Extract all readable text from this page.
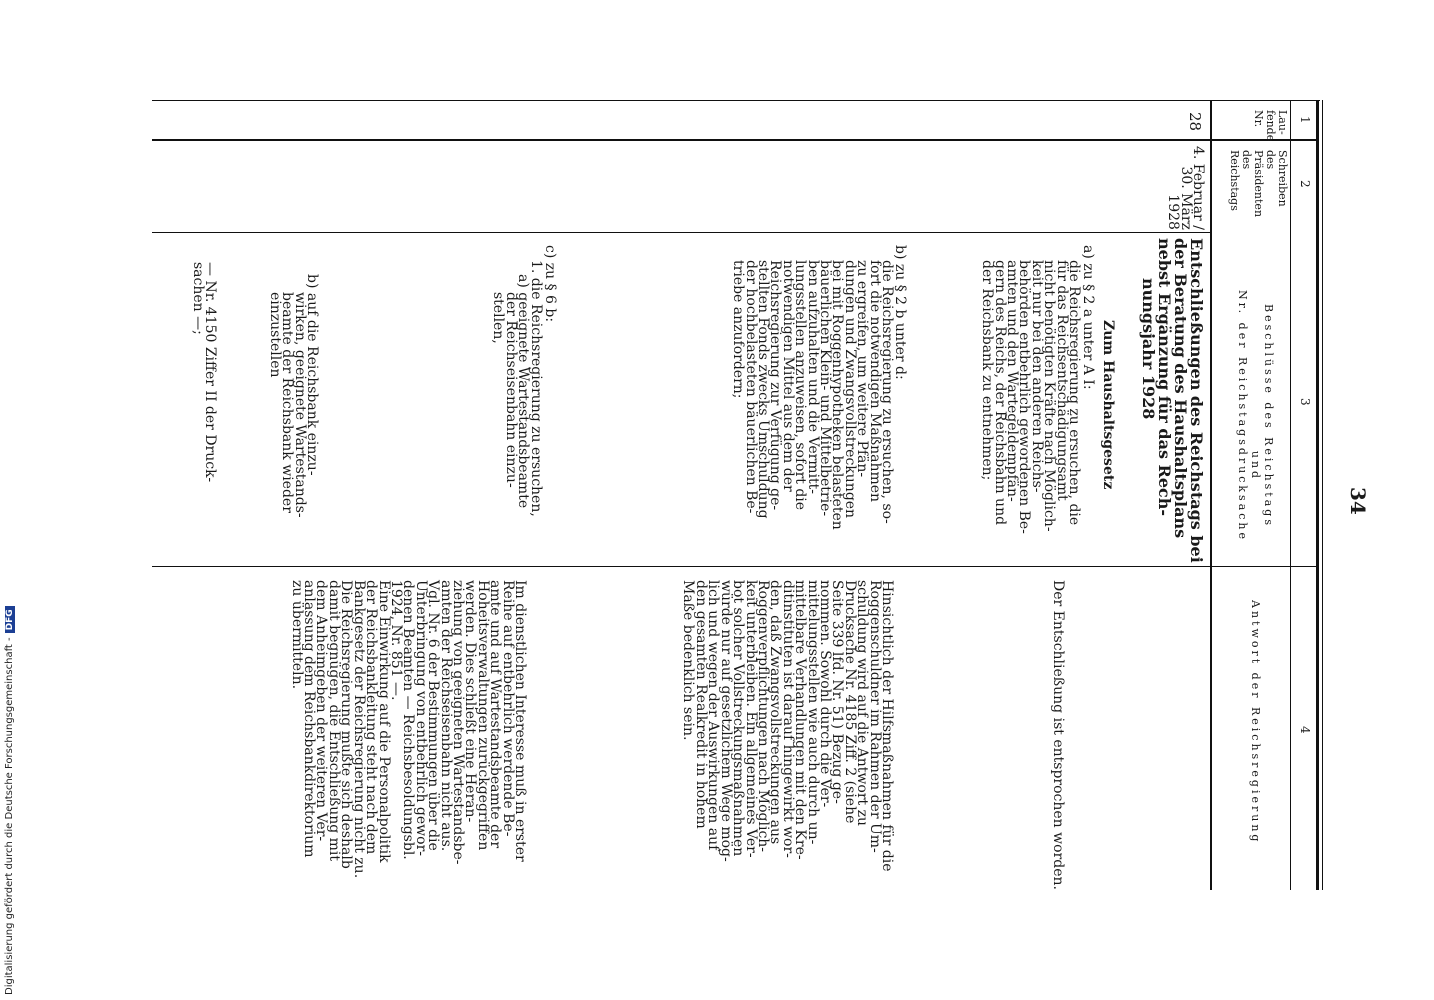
34
1
2
3
4
Lau-
fende
Nr.
Schreiben
des
Präsidenten
des
Reichstags
Beschlüsse des Reichstags
und
Nr. der Reichstagsdrucksache
Antwort der Reichsregierung
28
4. Februar /
30. März
1928
Entschließungen des Reichstags bei
der Beratung des Haushaltsplans
nebst Ergänzung für das Rech-
nungsjahr 1928
Zum Haushaltsgesetz
a) zu § 2 a unter A I:
die Reichsregierung zu ersuchen, die
für das Reichsentschädigungsamt
nicht benötigten Kräfte nach Möglich-
keit nur bei den anderen Reichs-
behörden entbehrlich gewordenen Be-
amten und den Wartegeldempfän-
gern des Reichs, der Reichsbahn und
der Reichsbank zu entnehmen;
b) zu § 2 b unter d:
die Reichsregierung zu ersuchen, so-
fort die notwendigen Maßnahmen
zu ergreifen, um weitere Pfän-
dungen und Zwangsvollstreckungen
bei mit Roggenhypotheken belasteten
bäuerlichen Klein- und Mittelbetrie-
ben aufzuhalten und die Vermitt-
lungsstellen anzuweisen, sofort die
notwendigen Mittel aus dem der
Reichsregierung zur Verfügung ge-
stellten Fonds zwecks Umschuldung
der hochbelasteten bäuerlichen Be-
triebe anzufordern;
c) zu § 6 b:
1. die Reichsregierung zu ersuchen,
a) geeignete Wartestandsbeamte
der Reichseisenbahn einzu-
stellen,
b) auf die Reichsbank einzu-
wirken, geeignete Wartestands-
beamte der Reichsbank wieder
einzustellen
— Nr. 4150 Ziffer II der Druck-
sachen —;
Der Entschließung ist entsprochen worden.
Hinsichtlich der Hilfsmaßnahmen für die
Roggenschuldner im Rahmen der Um-
schuldung wird auf die Antwort zu
Drucksache Nr. 4185 Ziff. 2 (siehe
Seite 339 lfd. Nr. 51) Bezug ge-
nommen. Sowohl durch die Ver-
mittelungsstellen wie auch durch un-
mittelbare Verhandlungen mit den Kre-
ditinstituten ist darauf hingewirkt wor-
den, daß Zwangsvollstreckungen aus
Roggenverpflichtungen nach Möglich-
keit unterbleiben. Ein allgemeines Ver-
bot solcher Vollstreckungsmaßnahmen
würde nur auf gesetzlichem Wege mög-
lich und wegen der Auswirkungen auf
den gesamten Realkredit in hohem
Maße bedenklich sein.
Im dienstlichen Interesse muß in erster
Reihe auf entbehrlich werdende Be-
amte und auf Wartestandsbeamte der
Hoheitsverwaltungen zurückgegriffen
werden. Dies schließt eine Heran-
ziehung von geeigneten Wartestandsbe-
amten der Reichseisenbahn nicht aus.
Vgl. Nr. 6 der Bestimmungen über die
Unterbringung von entbehrlich gewor-
denen Beamten — Reichsbesoldungsbl.
1924, Nr. 851 —.
Eine Einwirkung auf die Personalpolitik
der Reichsbankleitung steht nach dem
Bankgesetz der Reichsregierung nicht zu.
Die Reichsregierung mußte sich deshalb
damit begnügen, die Entschließung mit
dem Anheimgeben der weiteren Ver-
anlassung dem Reichsbankdirektorium
zu übermitteln.
Digitalisierung gefördert durch die Deutsche Forschungsgemeinschaft -DFG
